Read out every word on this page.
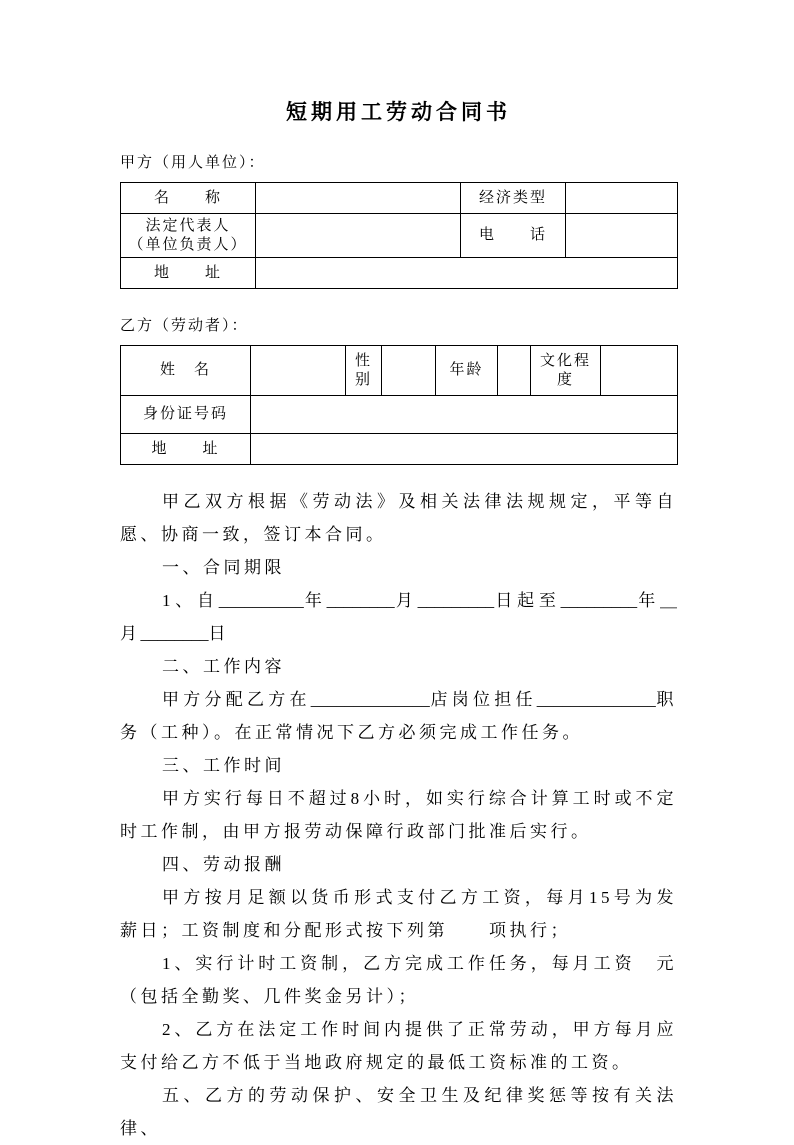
短期用工劳动合同书
甲方（用人单位）：
名　　称		经济类型	
法定代表人
（单位负责人）		电　　话	
地　　址			
乙方（劳动者）：
姓　名		性别		年龄		文化程度	
身份证号码							
地　　址							

甲乙双方根据《劳动法》及相关法律法规规定，平等自愿、协商一致，签订本合同。

一、合同期限

1、自__________年________月_________日起至_________年＿月________日

二、工作内容

甲方分配乙方在______________店岗位担任______________职务（工种）。在正常情况下乙方必须完成工作任务。

三、工作时间

甲方实行每日不超过8小时，如实行综合计算工时或不定时工作制，由甲方报劳动保障行政部门批准后实行。

四、劳动报酬

甲方按月足额以货币形式支付乙方工资，每月15号为发薪日；工资制度和分配形式按下列第　　项执行；

1、实行计时工资制，乙方完成工作任务，每月工资　元（包括全勤奖、几件奖金另计）；

2、乙方在法定工作时间内提供了正常劳动，甲方每月应支付给乙方不低于当地政府规定的最低工资标准的工资。

五、乙方的劳动保护、安全卫生及纪律奖惩等按有关法律、
